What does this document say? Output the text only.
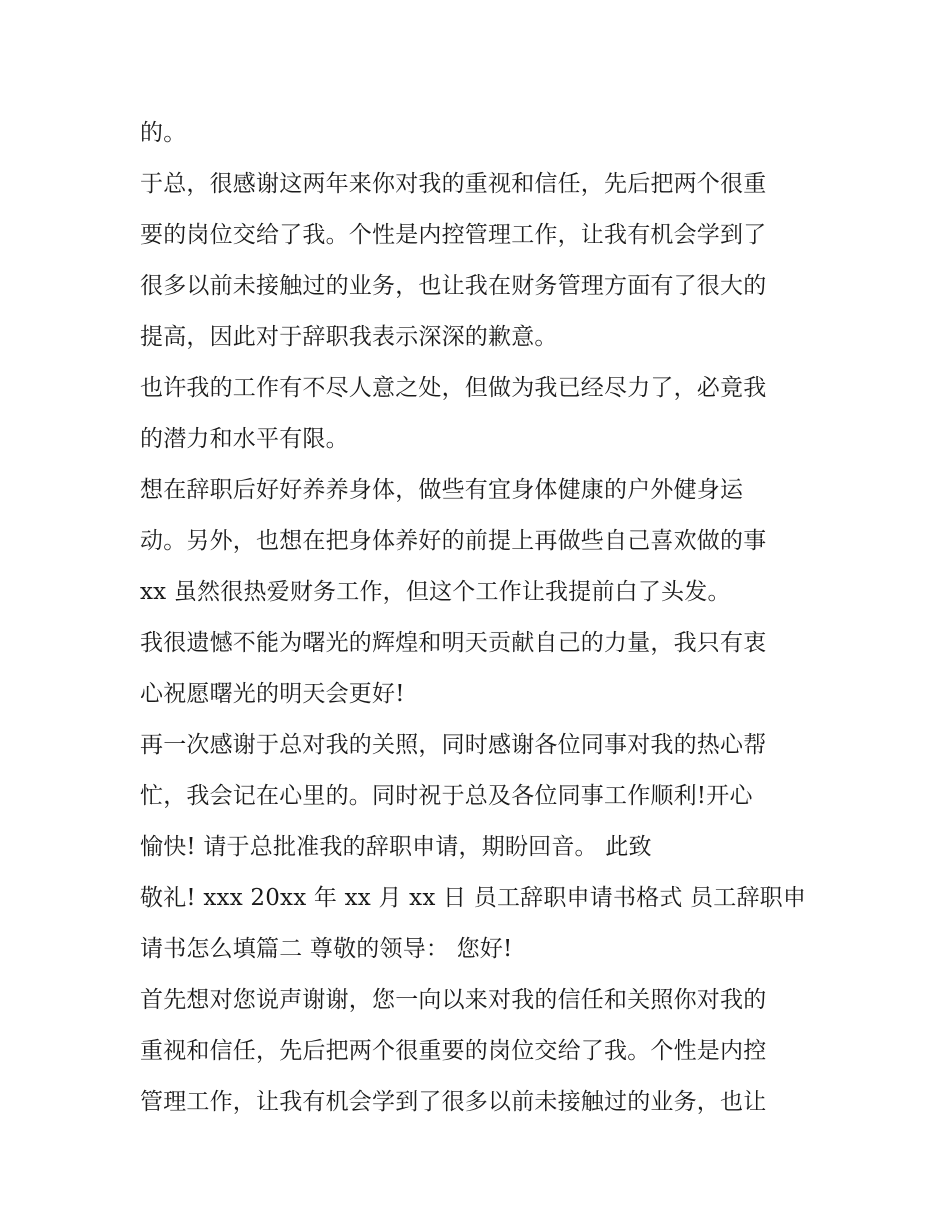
的。
于总，很感谢这两年来你对我的重视和信任，先后把两个很重
要的岗位交给了我。个性是内控管理工作，让我有机会学到了
很多以前未接触过的业务，也让我在财务管理方面有了很大的
提高，因此对于辞职我表示深深的歉意。
也许我的工作有不尽人意之处，但做为我已经尽力了，必竟我
的潜力和水平有限。
想在辞职后好好养养身体，做些有宜身体健康的户外健身运
动。另外，也想在把身体养好的前提上再做些自己喜欢做的事
xx 虽然很热爱财务工作，但这个工作让我提前白了头发。
我很遗憾不能为曙光的辉煌和明天贡献自己的力量，我只有衷
心祝愿曙光的明天会更好!
再一次感谢于总对我的关照，同时感谢各位同事对我的热心帮
忙，我会记在心里的。同时祝于总及各位同事工作顺利!开心
愉快! 请于总批准我的辞职申请，期盼回音。 此致
敬礼! xxx 20xx 年 xx 月 xx 日 员工辞职申请书格式 员工辞职申
请书怎么填篇二 尊敬的领导： 您好!
首先想对您说声谢谢，您一向以来对我的信任和关照你对我的
重视和信任，先后把两个很重要的岗位交给了我。个性是内控
管理工作，让我有机会学到了很多以前未接触过的业务，也让
